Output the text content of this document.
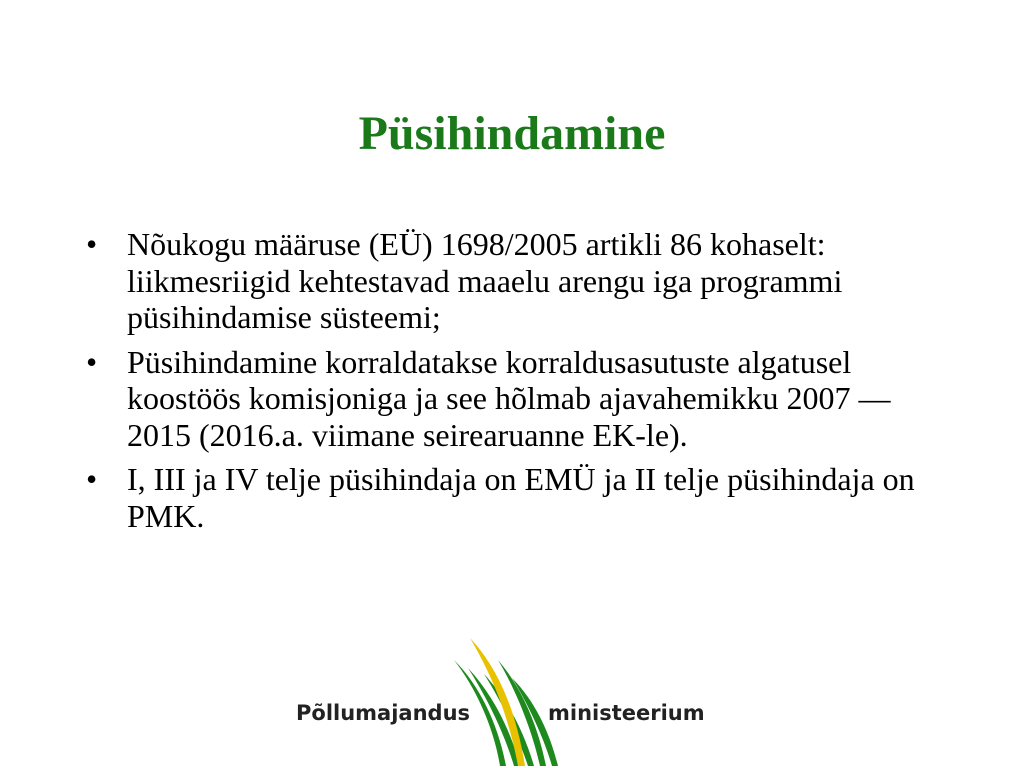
Püsihindamine
• Nõukogu määruse (EÜ) 1698/2005 artikli 86 kohaselt: liikmesriigid kehtestavad maaelu arengu iga programmi püsihindamise süsteemi;
• Püsihindamine korraldatakse korraldusasutuste algatusel koostöös komisjoniga ja see hõlmab ajavahemikku 2007 — 2015 (2016.a. viimane seirearuanne EK-le).
• I, III ja IV telje püsihindaja on EMÜ ja II telje püsihindaja on PMK.
Põllumajandus	ministeerium
